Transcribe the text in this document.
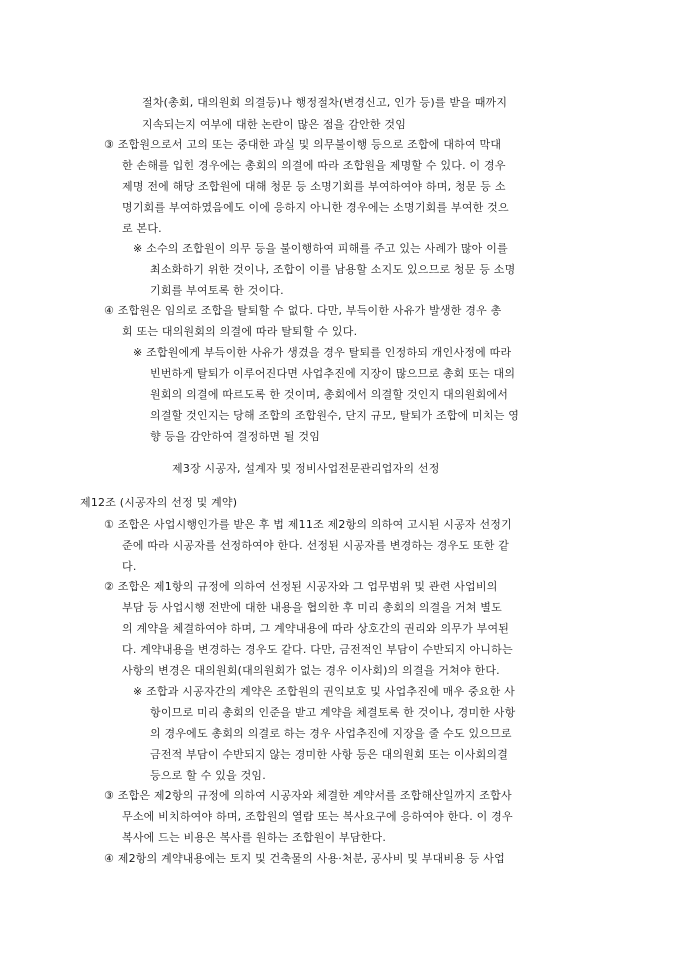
절차(총회, 대의원회 의결등)나 행정절차(변경신고, 인가 등)를 받을 때까지
지속되는지 여부에 대한 논란이 많은 점을 감안한 것임
③ 조합원으로서 고의 또는 중대한 과실 및 의무불이행 등으로 조합에 대하여 막대
한 손해를 입힌 경우에는 총회의 의결에 따라 조합원을 제명할 수 있다. 이 경우
제명 전에 해당 조합원에 대해 청문 등 소명기회를 부여하여야 하며, 청문 등 소
명기회를 부여하였음에도 이에 응하지 아니한 경우에는 소명기회를 부여한 것으
로 본다.
※ 소수의 조합원이 의무 등을 불이행하여 피해를 주고 있는 사례가 많아 이를
최소화하기 위한 것이나, 조합이 이를 남용할 소지도 있으므로 청문 등 소명
기회를 부여토록 한 것이다.
④ 조합원은 임의로 조합을 탈퇴할 수 없다. 다만, 부득이한 사유가 발생한 경우 총
회 또는 대의원회의 의결에 따라 탈퇴할 수 있다.
※ 조합원에게 부득이한 사유가 생겼을 경우 탈퇴를 인정하되 개인사정에 따라
빈번하게 탈퇴가 이루어진다면 사업추진에 지장이 많으므로 총회 또는 대의
원회의 의결에 따르도록 한 것이며, 총회에서 의결할 것인지 대의원회에서
의결할 것인지는 당해 조합의 조합원수, 단지 규모, 탈퇴가 조합에 미치는 영
향 등을 감안하여 결정하면 될 것임
제3장 시공자, 설계자 및 정비사업전문관리업자의 선정
제12조 (시공자의 선정 및 계약)
① 조합은 사업시행인가를 받은 후 법 제11조 제2항의 의하여 고시된 시공자 선정기
준에 따라 시공자를 선정하여야 한다. 선정된 시공자를 변경하는 경우도 또한 같
다.
② 조합은 제1항의 규정에 의하여 선정된 시공자와 그 업무범위 및 관련 사업비의
부담 등 사업시행 전반에 대한 내용을 협의한 후 미리 총회의 의결을 거쳐 별도
의 계약을 체결하여야 하며, 그 계약내용에 따라 상호간의 권리와 의무가 부여된
다. 계약내용을 변경하는 경우도 같다. 다만, 금전적인 부담이 수반되지 아니하는
사항의 변경은 대의원회(대의원회가 없는 경우 이사회)의 의결을 거쳐야 한다.
※ 조합과 시공자간의 계약은 조합원의 권익보호 및 사업추진에 매우 중요한 사
항이므로 미리 총회의 인준을 받고 계약을 체결토록 한 것이나, 경미한 사항
의 경우에도 총회의 의결로 하는 경우 사업추진에 지장을 줄 수도 있으므로
금전적 부담이 수반되지 않는 경미한 사항 등은 대의원회 또는 이사회의결
등으로 할 수 있을 것임.
③ 조합은 제2항의 규정에 의하여 시공자와 체결한 계약서를 조합해산일까지 조합사
무소에 비치하여야 하며, 조합원의 열람 또는 복사요구에 응하여야 한다. 이 경우
복사에 드는 비용은 복사를 원하는 조합원이 부담한다.
④ 제2항의 계약내용에는 토지 및 건축물의 사용·처분, 공사비 및 부대비용 등 사업
